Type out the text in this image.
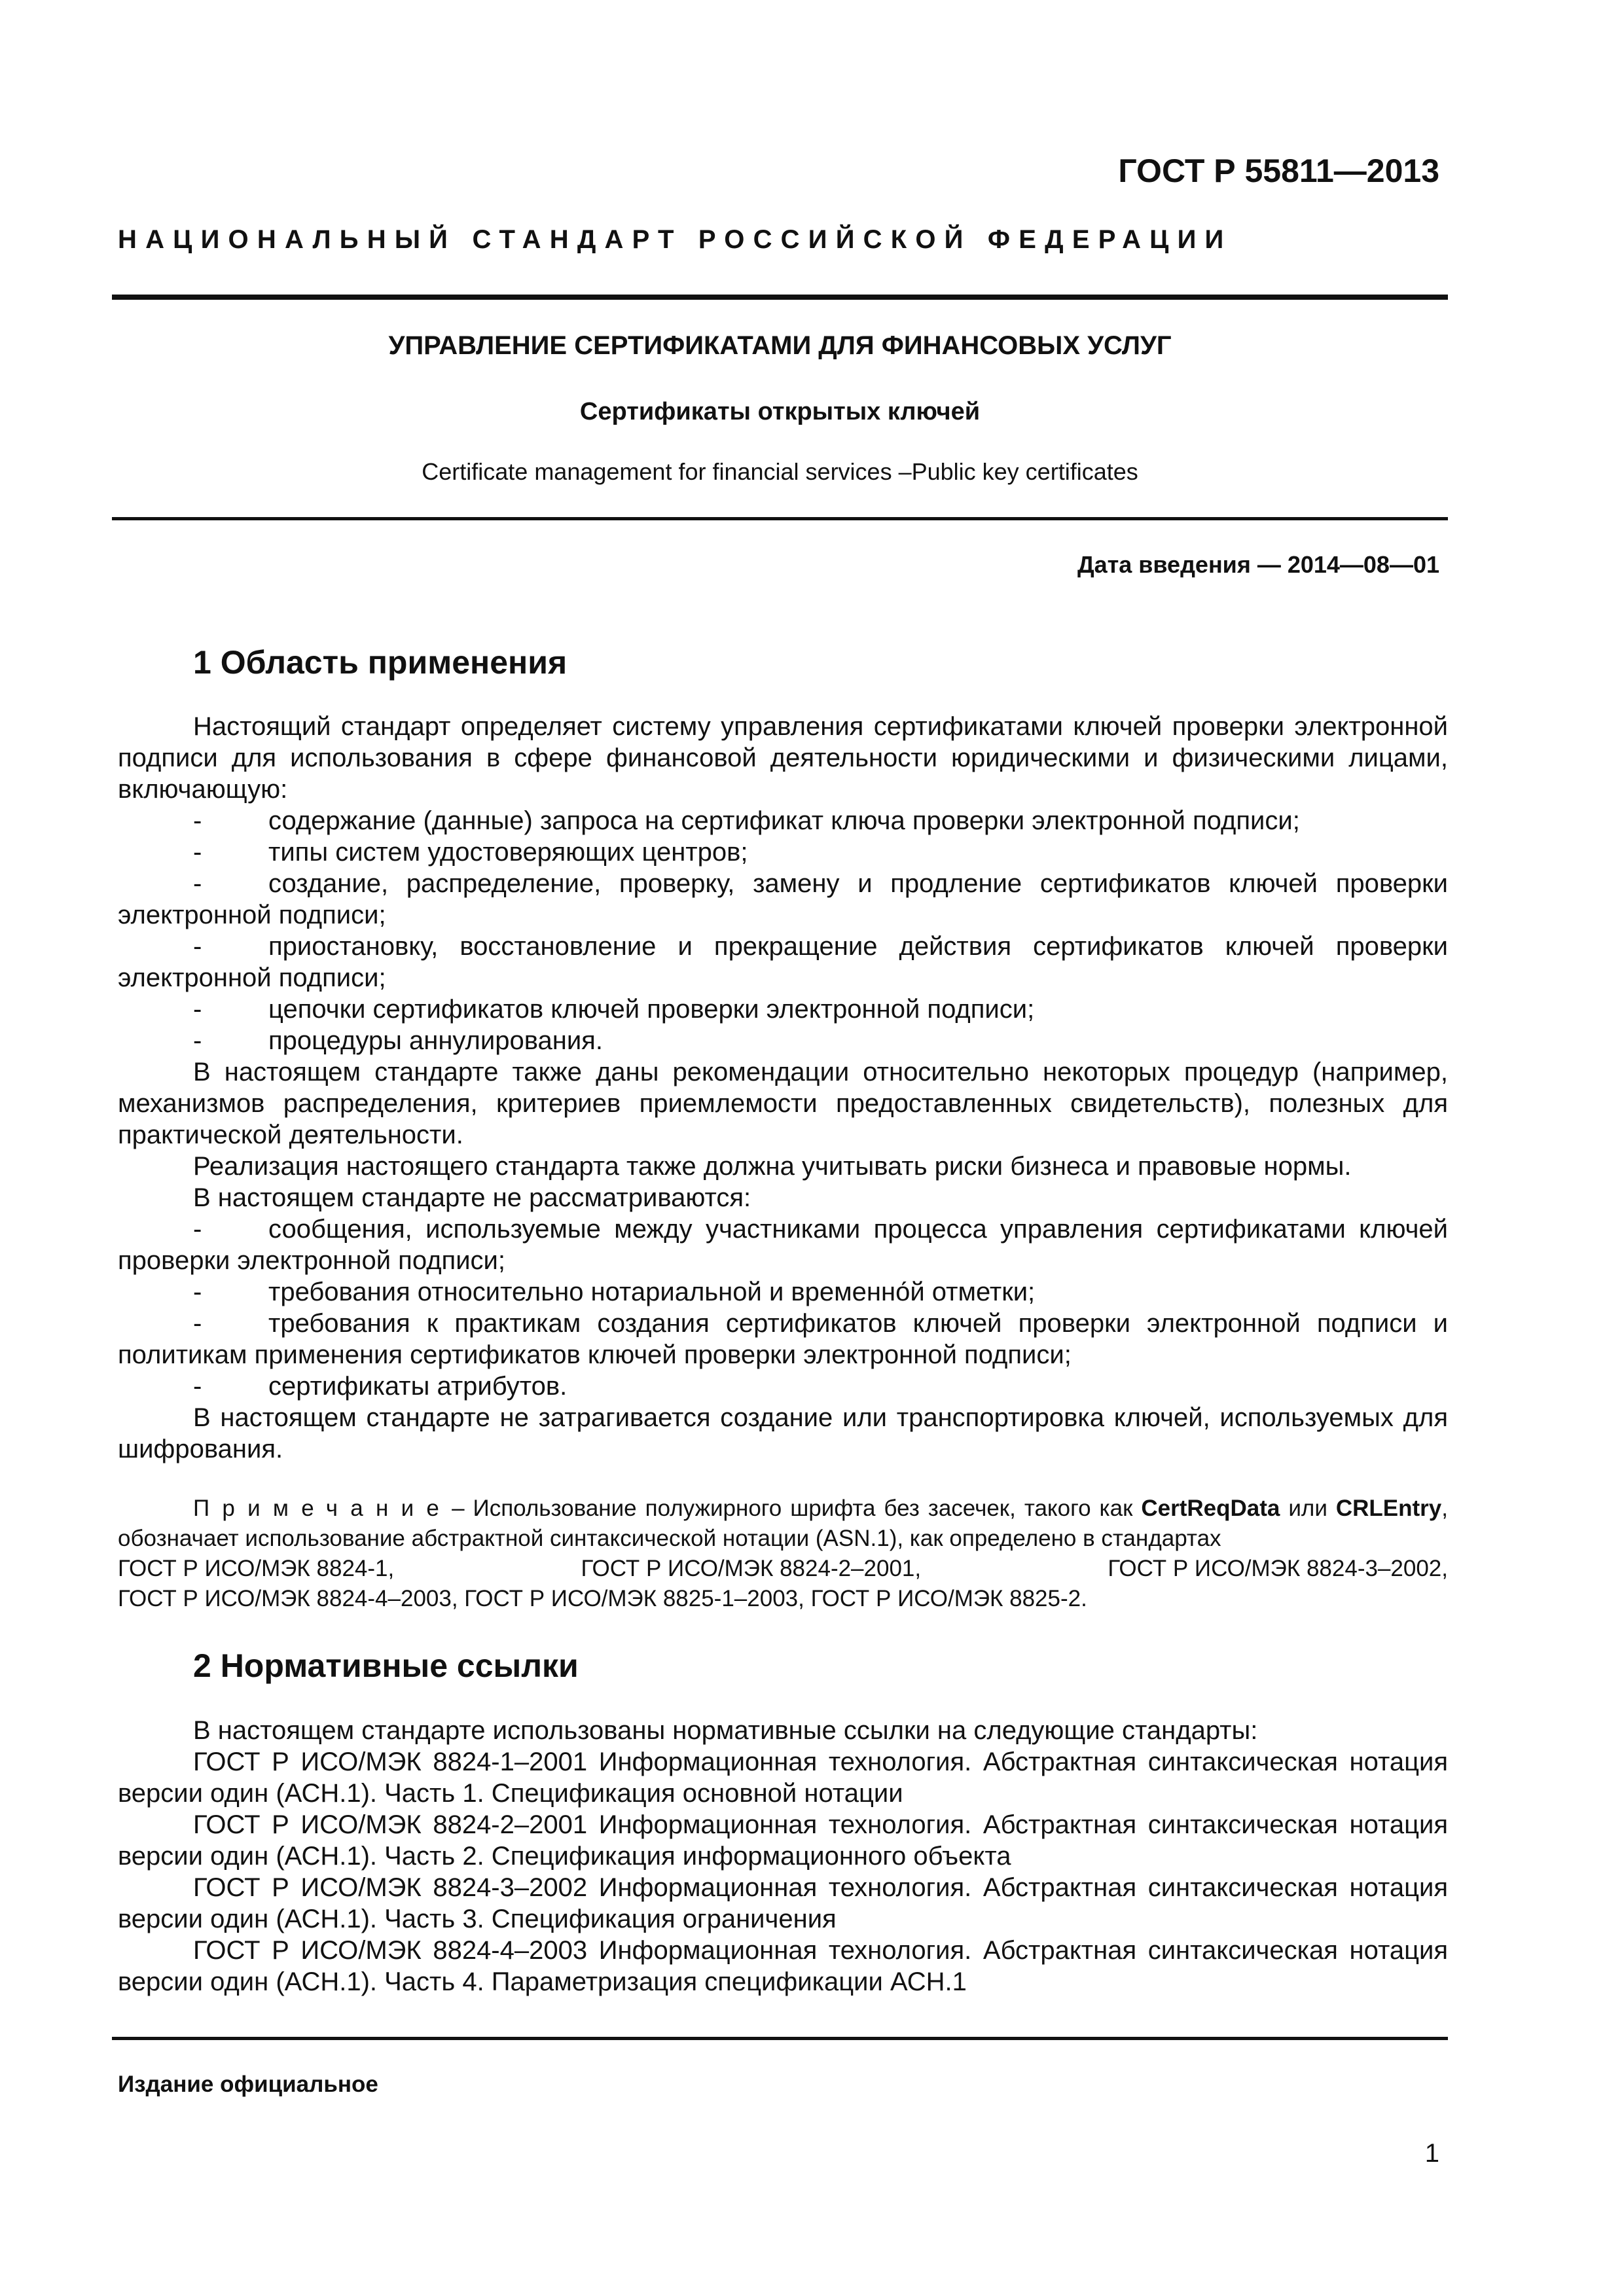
ГОСТ Р 55811—2013
НАЦИОНАЛЬНЫЙ СТАНДАРТ РОССИЙСКОЙ ФЕДЕРАЦИИ
УПРАВЛЕНИЕ СЕРТИФИКАТАМИ ДЛЯ ФИНАНСОВЫХ УСЛУГ
Сертификаты открытых ключей
Certificate management for financial services –Public key certificates
Дата введения — 2014—08—01
1 Область применения

Настоящий стандарт определяет систему управления сертификатами ключей проверки электронной подписи для использования в сфере финансовой деятельности юридическими и физическими лицами, включающую:

-	содержание (данные) запроса на сертификат ключа проверки электронной подписи;

-	типы систем удостоверяющих центров;

-	создание, распределение, проверку, замену и продление сертификатов ключей проверки электронной подписи;

-	приостановку, восстановление и прекращение действия сертификатов ключей проверки электронной подписи;

-	цепочки сертификатов ключей проверки электронной подписи;

-	процедуры аннулирования.

В настоящем стандарте также даны рекомендации относительно некоторых процедур (например, механизмов распределения, критериев приемлемости предоставленных свидетельств), полезных для практической деятельности.

Реализация настоящего стандарта также должна учитывать риски бизнеса и правовые нормы.

В настоящем стандарте не рассматриваются:

-	сообщения, используемые между участниками процесса управления сертификатами ключей проверки электронной подписи;

-	требования относительно нотариальной и временно́й отметки;

-	требования к практикам создания сертификатов ключей проверки электронной подписи и политикам применения сертификатов ключей проверки электронной подписи;

-	сертификаты атрибутов.

В настоящем стандарте не затрагивается создание или транспортировка ключей, используемых для шифрования.

Примечание– Использование полужирного шрифта без засечек, такого как CertReqData или CRLEntry, обозначает использование абстрактной синтаксической нотации (ASN.1), как определено в стандартах

ГОСТ Р ИСО/МЭК 8824-1,	ГОСТ Р ИСО/МЭК 8824-2–2001,	ГОСТ Р ИСО/МЭК 8824-3–2002,
ГОСТ Р ИСО/МЭК 8824-4–2003, ГОСТ Р ИСО/МЭК 8825-1–2003, ГОСТ Р ИСО/МЭК 8825-2.
2 Нормативные ссылки

В настоящем стандарте использованы нормативные ссылки на следующие стандарты:

ГОСТ Р ИСО/МЭК 8824-1–2001 Информационная технология. Абстрактная синтаксическая нотация версии один (АСН.1). Часть 1. Спецификация основной нотации

ГОСТ Р ИСО/МЭК 8824-2–2001 Информационная технология. Абстрактная синтаксическая нотация версии один (АСН.1). Часть 2. Спецификация информационного объекта

ГОСТ Р ИСО/МЭК 8824-3–2002 Информационная технология. Абстрактная синтаксическая нотация версии один (АСН.1). Часть 3. Спецификация ограничения

ГОСТ Р ИСО/МЭК 8824-4–2003 Информационная технология. Абстрактная синтаксическая нотация версии один (АСН.1). Часть 4. Параметризация спецификации АСН.1

Издание официальное
1
